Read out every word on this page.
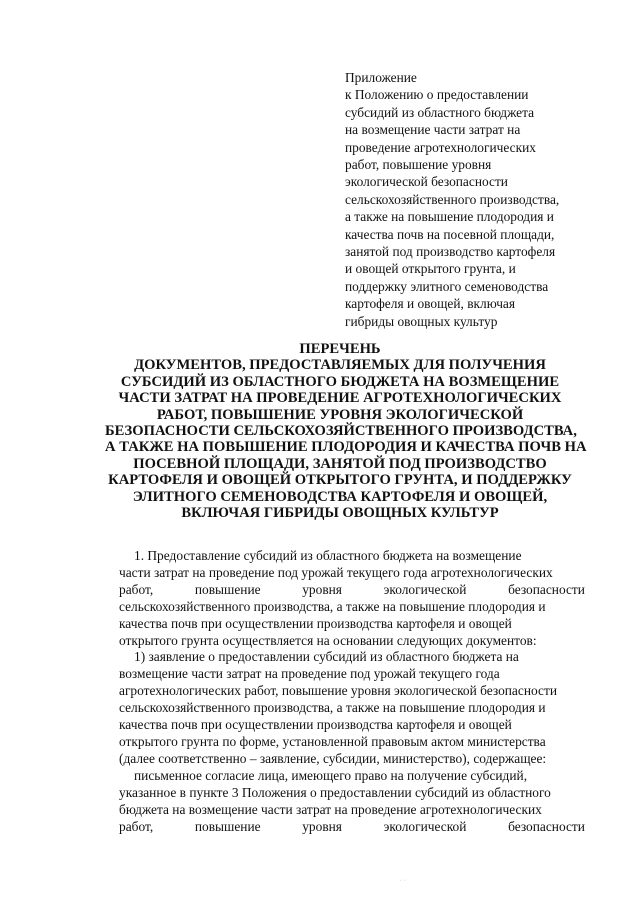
Приложение
к Положению о предоставлении
субсидий из областного бюджета
на возмещение части затрат на
проведение агротехнологических
работ, повышение уровня
экологической безопасности
сельскохозяйственного производства,
а также на повышение плодородия и
качества почв на посевной площади,
занятой под производство картофеля
и овощей открытого грунта, и
поддержку элитного семеноводства
картофеля и овощей, включая
гибриды овощных культур
ПЕРЕЧЕНЬ
ДОКУМЕНТОВ, ПРЕДОСТАВЛЯЕМЫХ ДЛЯ ПОЛУЧЕНИЯ
СУБСИДИЙ ИЗ ОБЛАСТНОГО БЮДЖЕТА НА ВОЗМЕЩЕНИЕ
ЧАСТИ ЗАТРАТ НА ПРОВЕДЕНИЕ АГРОТЕХНОЛОГИЧЕСКИХ
РАБОТ, ПОВЫШЕНИЕ УРОВНЯ ЭКОЛОГИЧЕСКОЙ
БЕЗОПАСНОСТИ СЕЛЬСКОХОЗЯЙСТВЕННОГО ПРОИЗВОДСТВА,
А ТАКЖЕ НА ПОВЫШЕНИЕ ПЛОДОРОДИЯ И КАЧЕСТВА ПОЧВ НА
ПОСЕВНОЙ ПЛОЩАДИ, ЗАНЯТОЙ ПОД ПРОИЗВОДСТВО
КАРТОФЕЛЯ И ОВОЩЕЙ ОТКРЫТОГО ГРУНТА, И ПОДДЕРЖКУ
ЭЛИТНОГО СЕМЕНОВОДСТВА КАРТОФЕЛЯ И ОВОЩЕЙ,
ВКЛЮЧАЯ ГИБРИДЫ ОВОЩНЫХ КУЛЬТУР

1. Предоставление субсидий из областного бюджета на возмещение
части затрат на проведение под урожай текущего года агротехнологических
работ,	повышение	уровня	экологической	безопасности
сельскохозяйственного производства, а также на повышение плодородия и
качества почв при осуществлении производства картофеля и овощей
открытого грунта осуществляется на основании следующих документов:

1) заявление о предоставлении субсидий из областного бюджета на
возмещение части затрат на проведение под урожай текущего года
агротехнологических работ, повышение уровня экологической безопасности
сельскохозяйственного производства, а также на повышение плодородия и
качества почв при осуществлении производства картофеля и овощей
открытого грунта по форме, установленной правовым актом министерства
(далее соответственно – заявление, субсидии, министерство), содержащее:

письменное согласие лица, имеющего право на получение субсидий,
указанное в пункте 3 Положения о предоставлении субсидий из областного
бюджета на возмещение части затрат на проведение агротехнологических
работ,	повышение	уровня	экологической	безопасности

· ·
